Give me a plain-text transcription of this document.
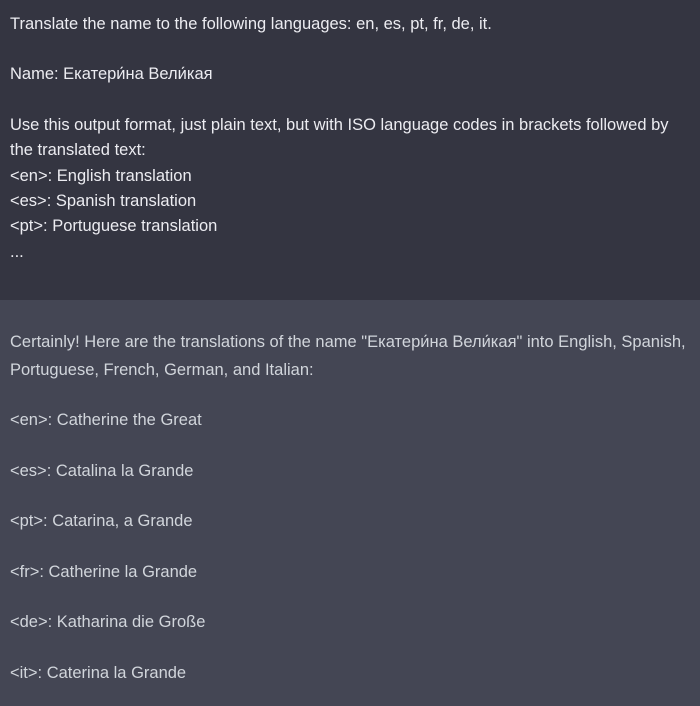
Translate the name to the following languages: en, es, pt, fr, de, it.
Name: Екатери́на Вели́кая
Use this output format, just plain text, but with ISO language codes in brackets followed by
the translated text:
<en>: English translation
<es>: Spanish translation
<pt>: Portuguese translation
...
Certainly! Here are the translations of the name "Екатери́на Вели́кая" into English, Spanish,
Portuguese, French, German, and Italian:
<en>: Catherine the Great
<es>: Catalina la Grande
<pt>: Catarina, a Grande
<fr>: Catherine la Grande
<de>: Katharina die Große
<it>: Caterina la Grande
